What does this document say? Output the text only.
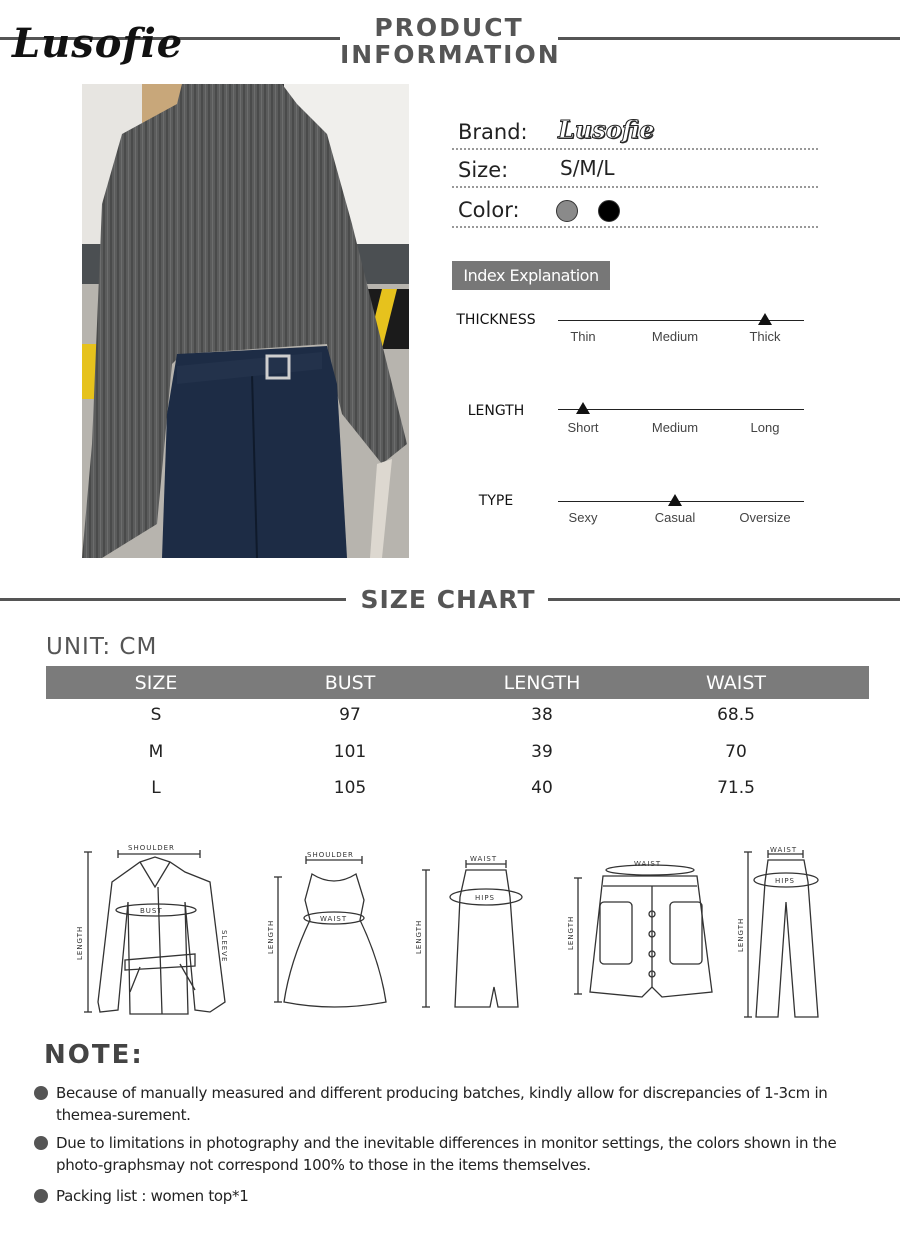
Lusofie	PRODUCT
INFORMATION
Brand: Lusofie
Size:	S/M/L
Color:
Index Explanation
THICKNESS
Thin	Medium	Thick
LENGTH
Short	Medium	Long
TYPE
Sexy	Casual	Oversize
SIZE CHART
UNIT: CM
SIZE	BUST	LENGTH	WAIST
S	97	38	68.5
M	101	39	70
L	105	40	71.5
SHOULDER
BUST
LENGTH	SLEEVE
SHOULDER
WAIST
LENGTH
WAIST
HIPS
LENGTH
WAIST
LENGTH
WAIST
HIPS
LENGTH
NOTE:
Because of manually measured and different producing batches, kindly allow for discrepancies of 1-3cm in themea-surement.
Due to limitations in photography and the inevitable differences in monitor settings, the colors shown in the photo-graphsmay not correspond 100% to those in the items themselves.
Packing list : women top*1
